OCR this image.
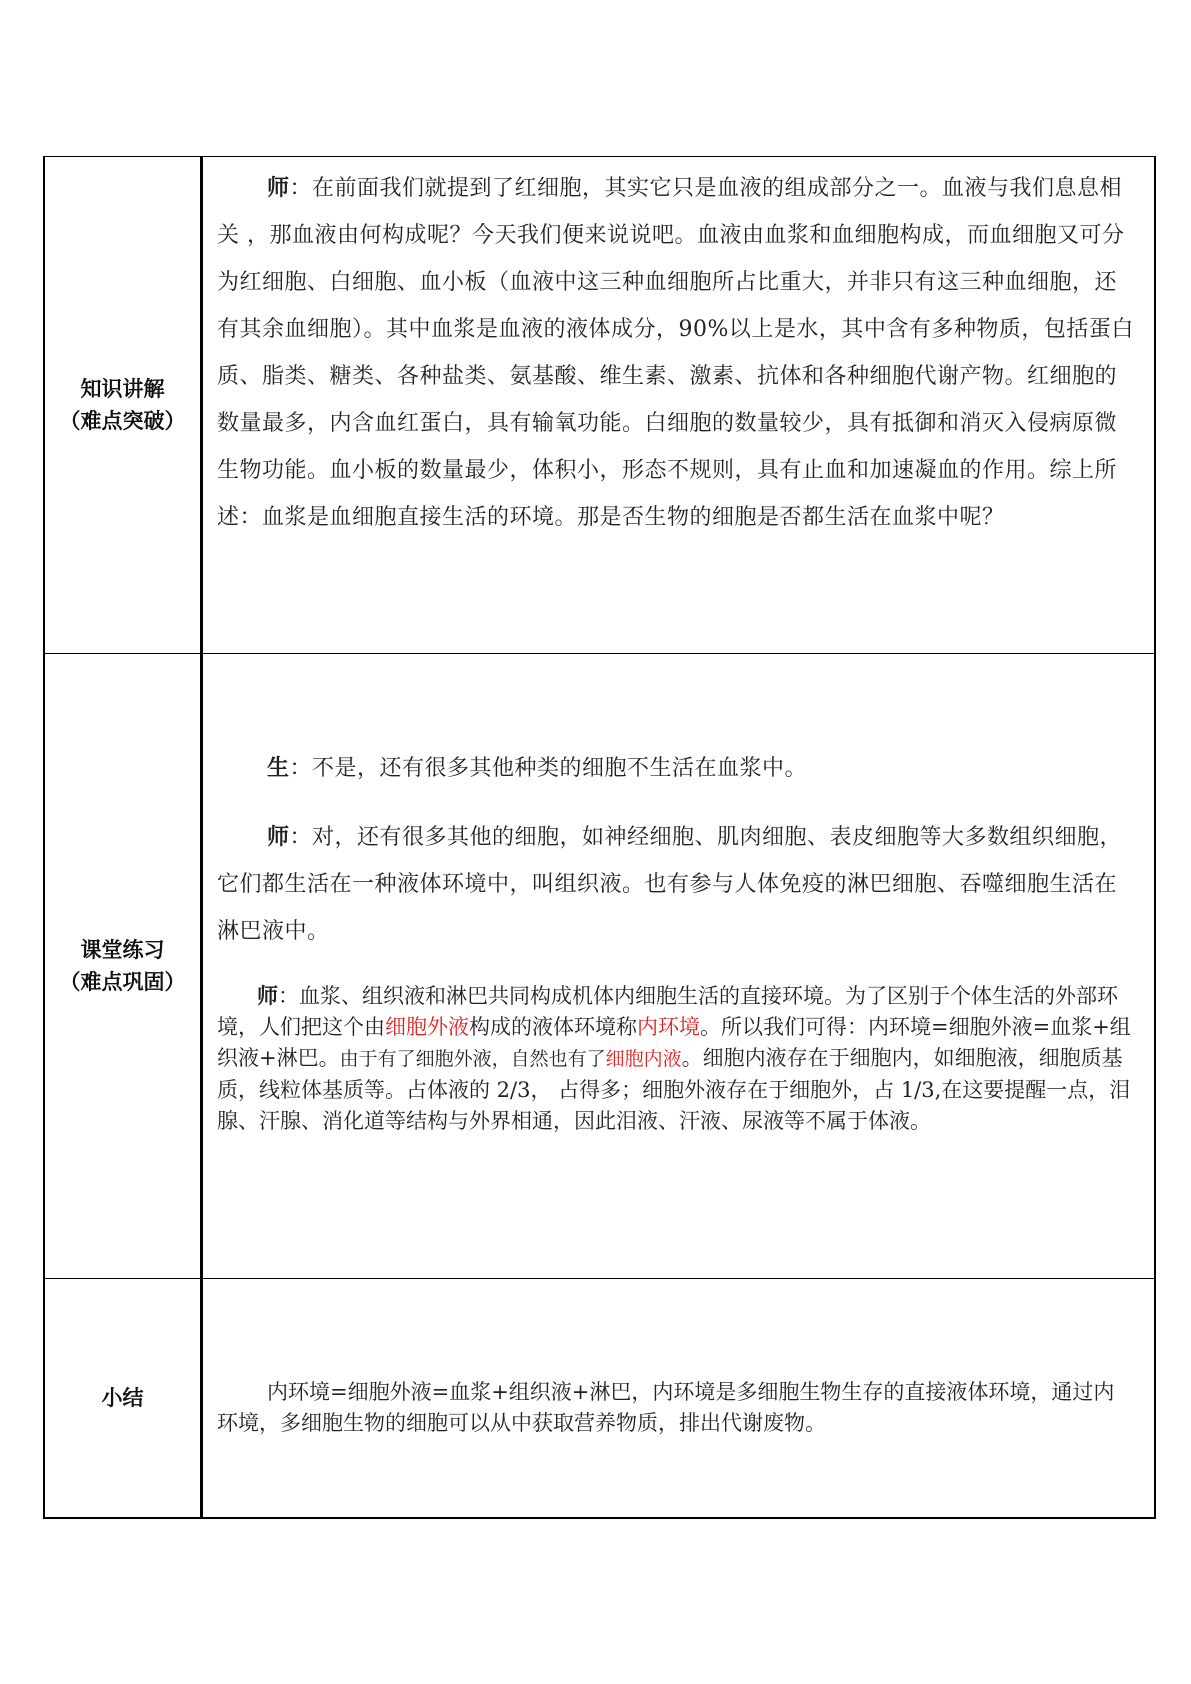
知识讲解
（难点突破）

师：在前面我们就提到了红细胞，其实它只是血液的组成部分之一。血液与我们息息相关 ，那血液由何构成呢？今天我们便来说说吧。血液由血浆和血细胞构成，而血细胞又可分为红细胞、白细胞、血小板（血液中这三种血细胞所占比重大，并非只有这三种血细胞，还有其余血细胞）。其中血浆是血液的液体成分，90%以上是水，其中含有多种物质，包括蛋白质、脂类、糖类、各种盐类、氨基酸、维生素、激素、抗体和各种细胞代谢产物。红细胞的数量最多，内含血红蛋白，具有输氧功能。白细胞的数量较少，具有抵御和消灭入侵病原微生物功能。血小板的数量最少，体积小，形态不规则，具有止血和加速凝血的作用。综上所述：血浆是血细胞直接生活的环境。那是否生物的细胞是否都生活在血浆中呢？

课堂练习
（难点巩固）

生：不是，还有很多其他种类的细胞不生活在血浆中。

师：对，还有很多其他的细胞，如神经细胞、肌肉细胞、表皮细胞等大多数组织细胞，它们都生活在一种液体环境中，叫组织液。也有参与人体免疫的淋巴细胞、吞噬细胞生活在淋巴液中。

师：血浆、组织液和淋巴共同构成机体内细胞生活的直接环境。为了区别于个体生活的外部环境，人们把这个由细胞外液构成的液体环境称内环境。所以我们可得：内环境=细胞外液=血浆+组织液+淋巴。由于有了细胞外液，自然也有了细胞内液。细胞内液存在于细胞内，如细胞液，细胞质基质，线粒体基质等。占体液的 2/3， 占得多；细胞外液存在于细胞外，占 1/3,在这要提醒一点，泪腺、汗腺、消化道等结构与外界相通，因此泪液、汗液、尿液等不属于体液。

小结	内环境=细胞外液=血浆+组织液+淋巴，内环境是多细胞生物生存的直接液体环境，通过内环境，多细胞生物的细胞可以从中获取营养物质，排出代谢废物。
